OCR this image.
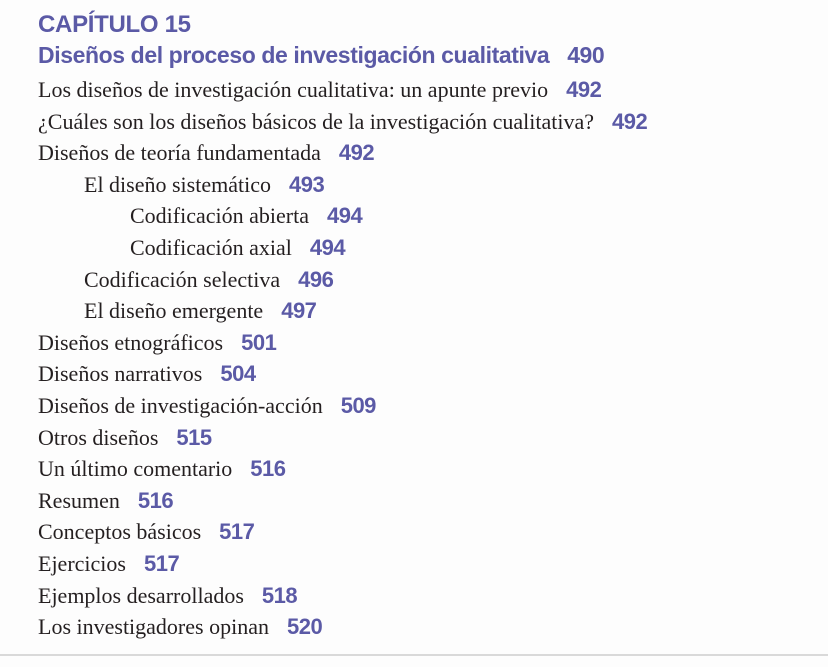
CAPÍTULO 15
Diseños del proceso de investigación cualitativa 490
Los diseños de investigación cualitativa: un apunte previo 492
¿Cuáles son los diseños básicos de la investigación cualitativa? 492
Diseños de teoría fundamentada 492
El diseño sistemático 493
Codificación abierta 494
Codificación axial 494
Codificación selectiva 496
El diseño emergente 497
Diseños etnográficos 501
Diseños narrativos 504
Diseños de investigación-acción 509
Otros diseños 515
Un último comentario 516
Resumen 516
Conceptos básicos 517
Ejercicios 517
Ejemplos desarrollados 518
Los investigadores opinan 520
